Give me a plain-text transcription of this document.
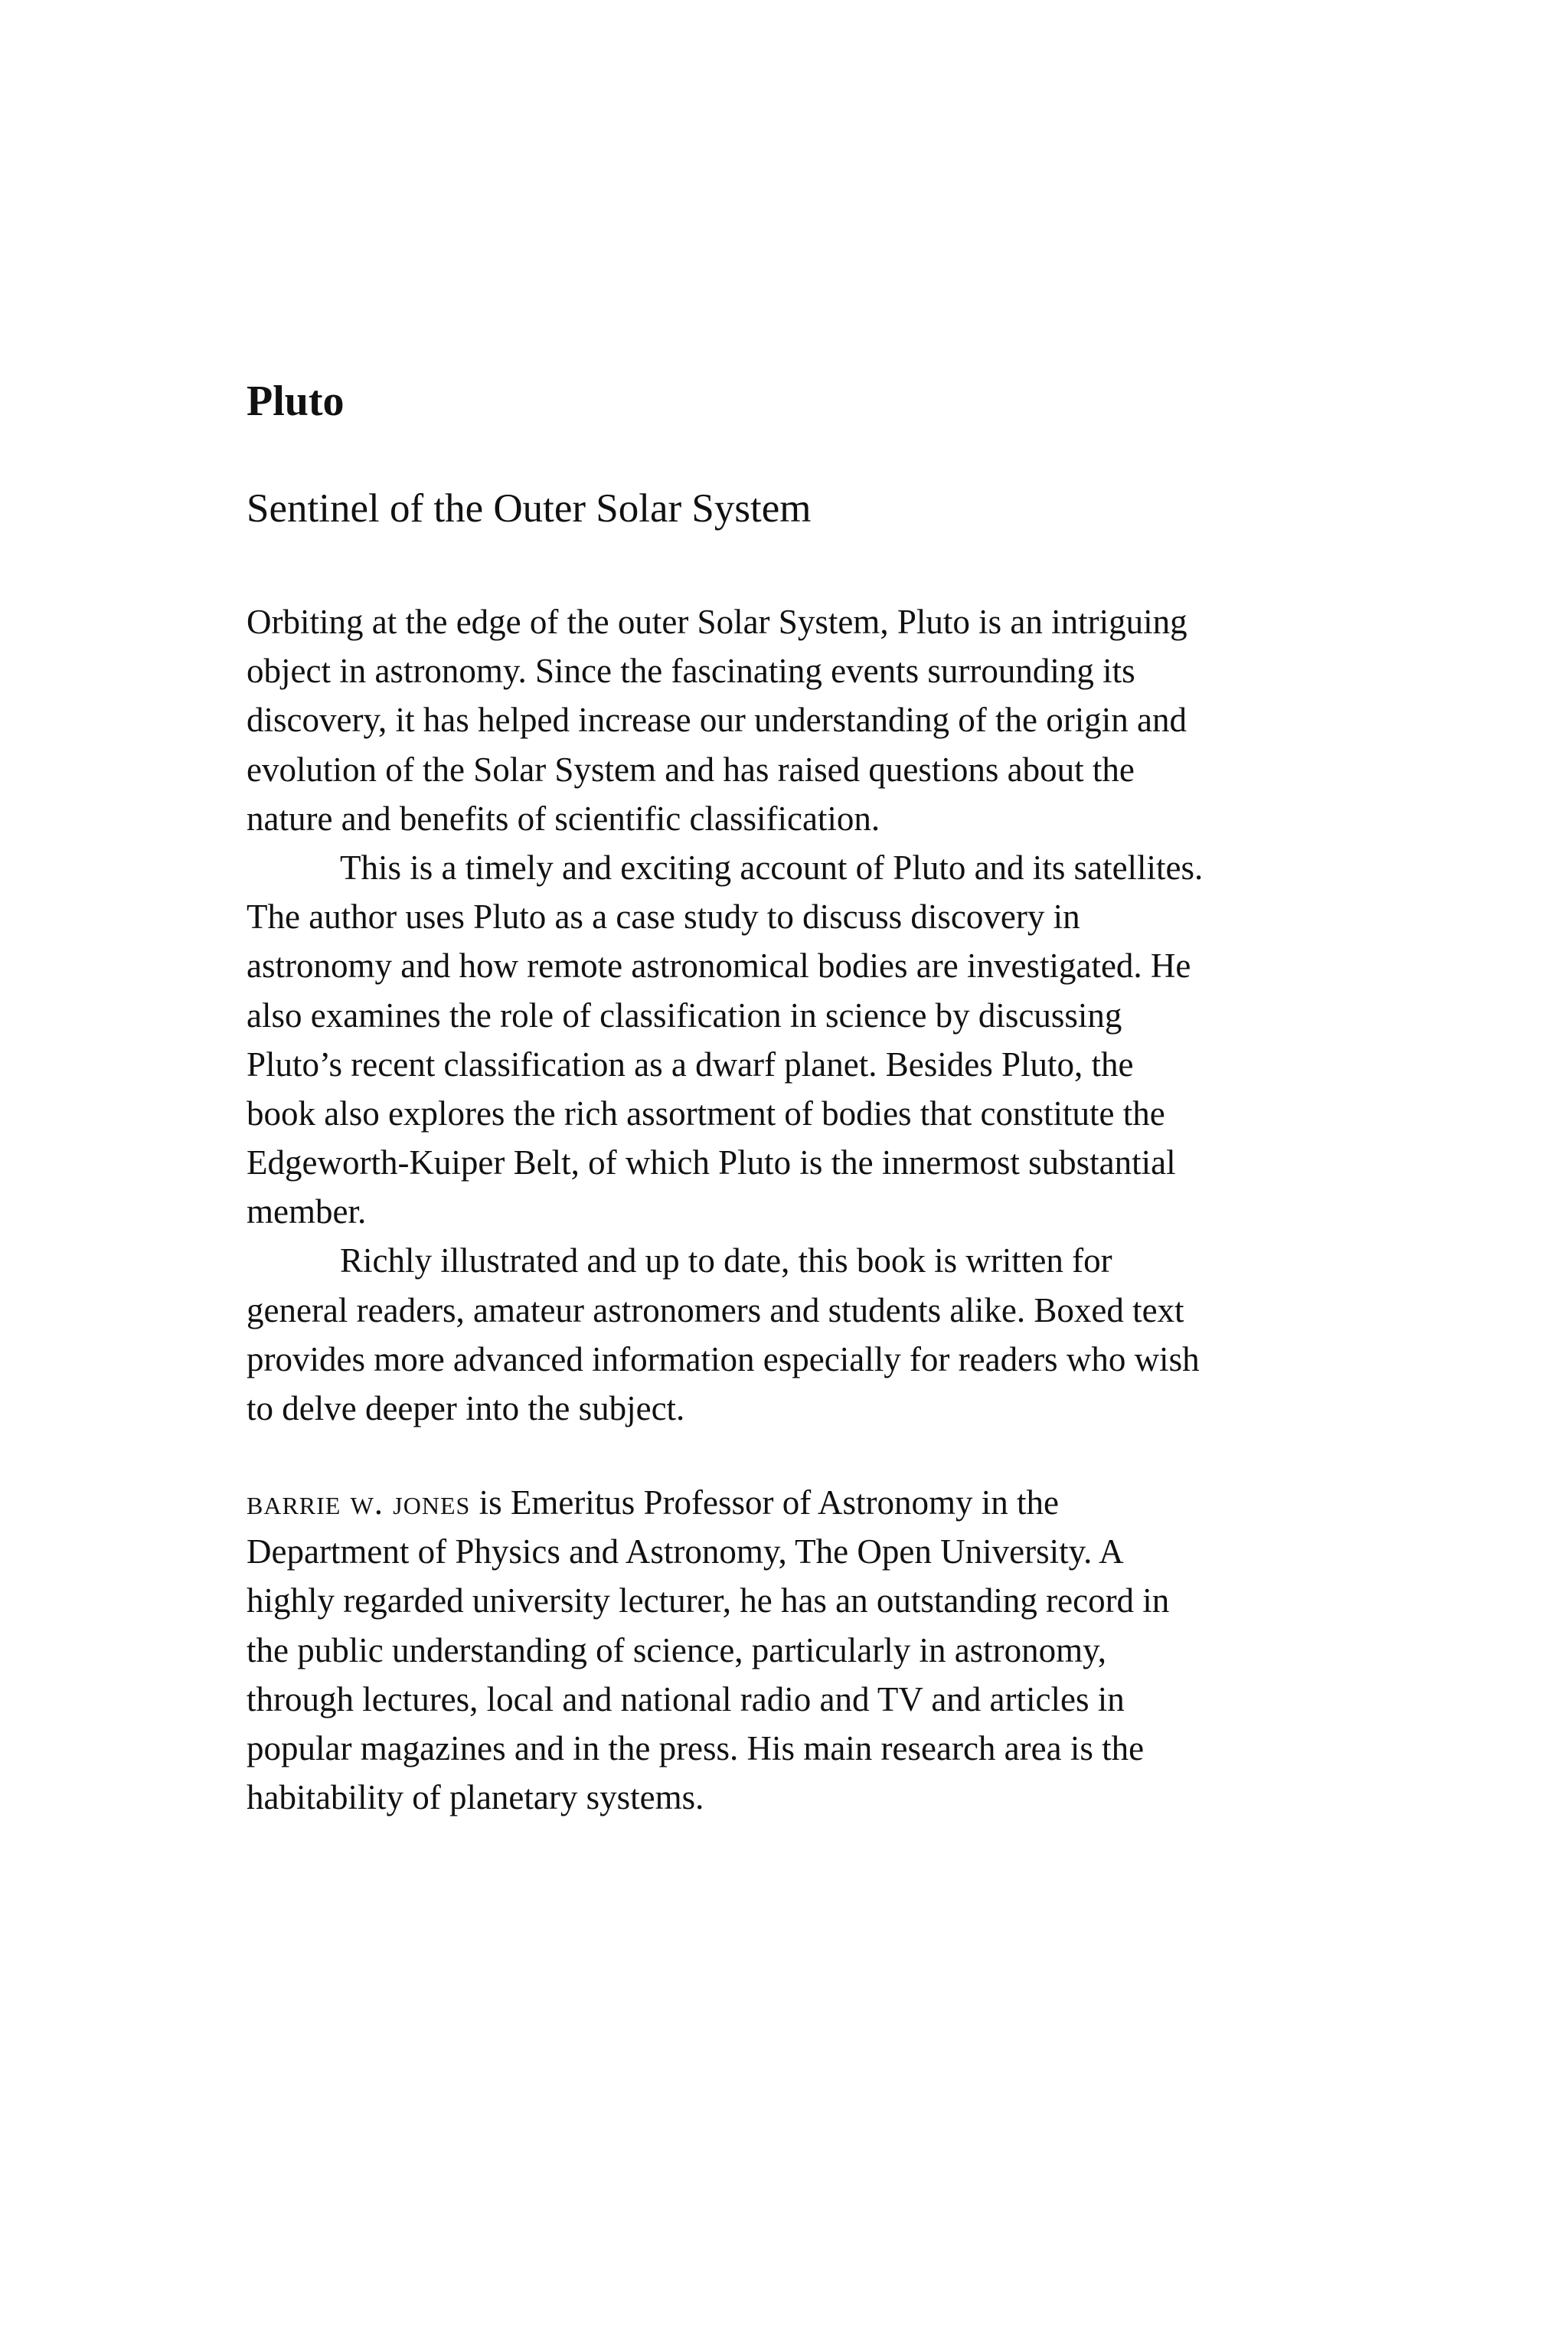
Pluto
Sentinel of the Outer Solar System

Orbiting at the edge of the outer Solar System, Pluto is an intriguing

object in astronomy. Since the fascinating events surrounding its

discovery, it has helped increase our understanding of the origin and

evolution of the Solar System and has raised questions about the

nature and benefits of scientific classification.

This is a timely and exciting account of Pluto and its satellites.

The author uses Pluto as a case study to discuss discovery in

astronomy and how remote astronomical bodies are investigated. He

also examines the role of classification in science by discussing

Pluto’s recent classification as a dwarf planet. Besides Pluto, the

book also explores the rich assortment of bodies that constitute the

Edgeworth-Kuiper Belt, of which Pluto is the innermost substantial

member.

Richly illustrated and up to date, this book is written for

general readers, amateur astronomers and students alike. Boxed text

provides more advanced information especially for readers who wish

to delve deeper into the subject.

barrie w. jones is Emeritus Professor of Astronomy in the

Department of Physics and Astronomy, The Open University. A

highly regarded university lecturer, he has an outstanding record in

the public understanding of science, particularly in astronomy,

through lectures, local and national radio and TV and articles in

popular magazines and in the press. His main research area is the

habitability of planetary systems.
